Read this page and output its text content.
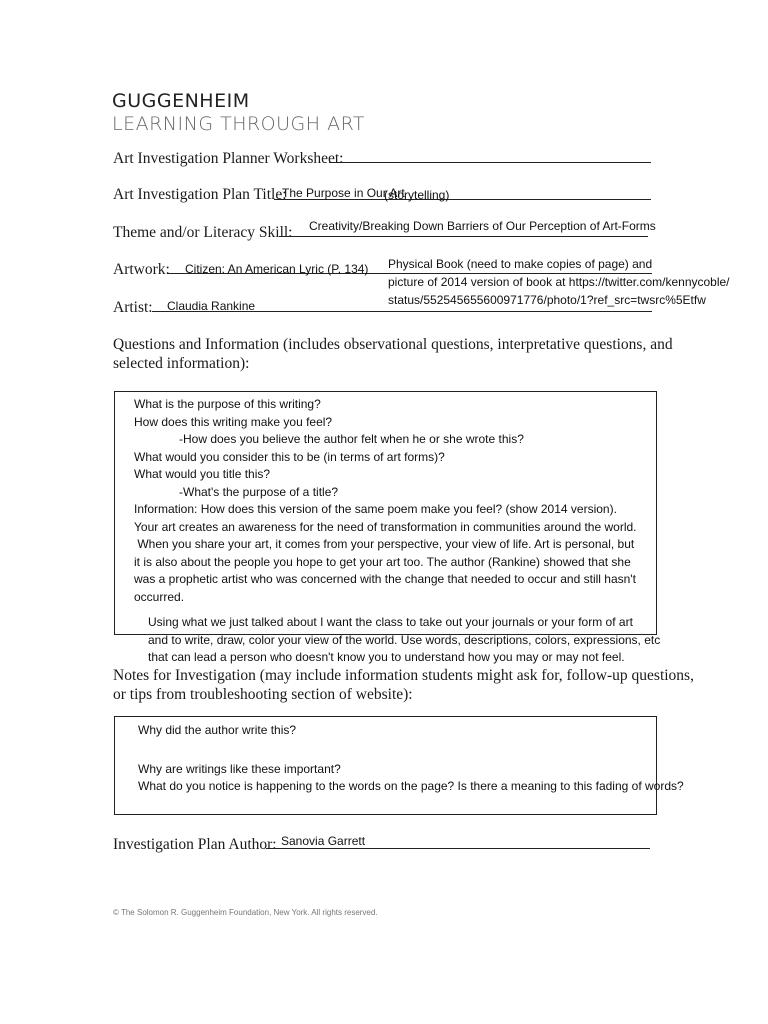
GUGGENHEIM
LEARNING THROUGH ART
Art Investigation Planner Worksheet:
Art Investigation Plan Title:
The Purpose in Our Art
(storytelling)
Theme and/or Literacy Skill: Creativity/Breaking Down Barriers of Our Perception of Art-Forms
Artwork: Citizen: An American Lyric (P. 134) Physical Book (need to make copies of page) and
picture of 2014 version of book at https://twitter.com/kennycoble/
status/552545655600971776/photo/1?ref_src=twsrc%5Etfw
Artist: Claudia Rankine
Questions and Information (includes observational questions, interpretative questions, and
selected information):
What is the purpose of this writing?
How does this writing make you feel?
-How does you believe the author felt when he or she wrote this?
What would you consider this to be (in terms of art forms)?
What would you title this?
-What's the purpose of a title?
Information: How does this version of the same poem make you feel? (show 2014 version).
Your art creates an awareness for the need of transformation in communities around the world.
When you share your art, it comes from your perspective, your view of life. Art is personal, but
it is also about the people you hope to get your art too. The author (Rankine) showed that she
was a prophetic artist who was concerned with the change that needed to occur and still hasn't
occurred.
Using what we just talked about I want the class to take out your journals or your form of art
and to write, draw, color your view of the world. Use words, descriptions, colors, expressions, etc
that can lead a person who doesn't know you to understand how you may or may not feel.
Notes for Investigation (may include information students might ask for, follow-up questions,
or tips from troubleshooting section of website):
Why did the author write this?
Why are writings like these important?
What do you notice is happening to the words on the page? Is there a meaning to this fading of words?
Investigation Plan Author: Sanovia Garrett
© The Solomon R. Guggenheim Foundation, New York. All rights reserved.
